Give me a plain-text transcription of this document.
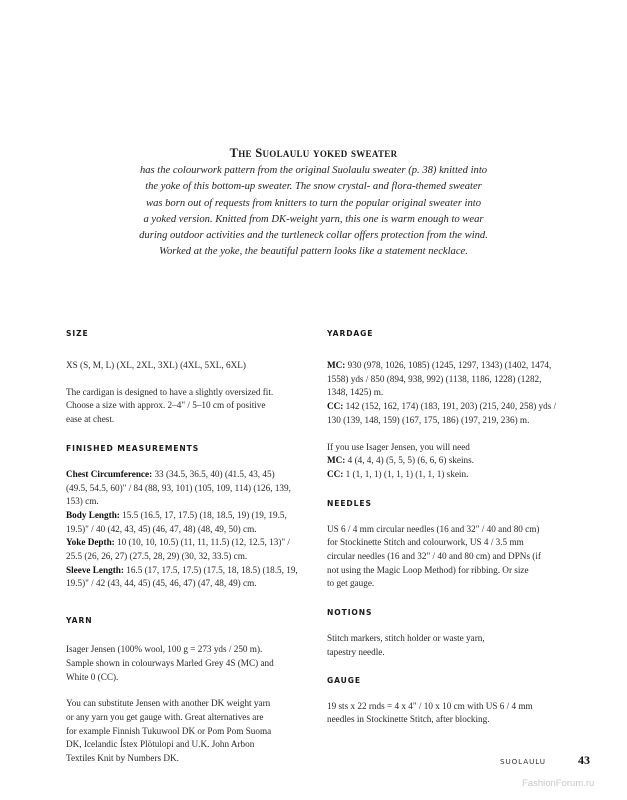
The Suolaulu yoked sweater
has the colourwork pattern from the original Suolaulu sweater (p. 38) knitted into
the yoke of this bottom-up sweater. The snow crystal- and flora-themed sweater
was born out of requests from knitters to turn the popular original sweater into
a yoked version. Knitted from DK-weight yarn, this one is warm enough to wear
during outdoor activities and the turtleneck collar offers protection from the wind.
Worked at the yoke, the beautiful pattern looks like a statement necklace.
SIZE
XS (S, M, L) (XL, 2XL, 3XL) (4XL, 5XL, 6XL)
The cardigan is designed to have a slightly oversized fit.
Choose a size with approx. 2–4" / 5–10 cm of positive
ease at chest.
FINISHED MEASUREMENTS
Chest Circumference: 33 (34.5, 36.5, 40) (41.5, 43, 45)
(49.5, 54.5, 60)" / 84 (88, 93, 101) (105, 109, 114) (126, 139,
153) cm.
Body Length: 15.5 (16.5, 17, 17.5) (18, 18.5, 19) (19, 19.5,
19.5)" / 40 (42, 43, 45) (46, 47, 48) (48, 49, 50) cm.
Yoke Depth: 10 (10, 10, 10.5) (11, 11, 11.5) (12, 12.5, 13)" /
25.5 (26, 26, 27) (27.5, 28, 29) (30, 32, 33.5) cm.
Sleeve Length: 16.5 (17, 17.5, 17.5) (17.5, 18, 18.5) (18.5, 19,
19.5)" / 42 (43, 44, 45) (45, 46, 47) (47, 48, 49) cm.
YARN
Isager Jensen (100% wool, 100 g = 273 yds / 250 m).
Sample shown in colourways Marled Grey 4S (MC) and
White 0 (CC).
You can substitute Jensen with another DK weight yarn
or any yarn you get gauge with. Great alternatives are
for example Finnish Tukuwool DK or Pom Pom Suoma
DK, Icelandic Ístex Plötulopi and U.K. John Arbon
Textiles Knit by Numbers DK.
YARDAGE
MC: 930 (978, 1026, 1085) (1245, 1297, 1343) (1402, 1474,
1558) yds / 850 (894, 938, 992) (1138, 1186, 1228) (1282,
1348, 1425) m.
CC: 142 (152, 162, 174) (183, 191, 203) (215, 240, 258) yds /
130 (139, 148, 159) (167, 175, 186) (197, 219, 236) m.
If you use Isager Jensen, you will need
MC: 4 (4, 4, 4) (5, 5, 5) (6, 6, 6) skeins.
CC: 1 (1, 1, 1) (1, 1, 1) (1, 1, 1) skein.
NEEDLES
US 6 / 4 mm circular needles (16 and 32" / 40 and 80 cm)
for Stockinette Stitch and colourwork, US 4 / 3.5 mm
circular needles (16 and 32" / 40 and 80 cm) and DPNs (if
not using the Magic Loop Method) for ribbing. Or size
to get gauge.
NOTIONS
Stitch markers, stitch holder or waste yarn,
tapestry needle.
GAUGE
19 sts x 22 rnds = 4 x 4" / 10 x 10 cm with US 6 / 4 mm
needles in Stockinette Stitch, after blocking.
SUOLAULU	43
FashionForum.ru
